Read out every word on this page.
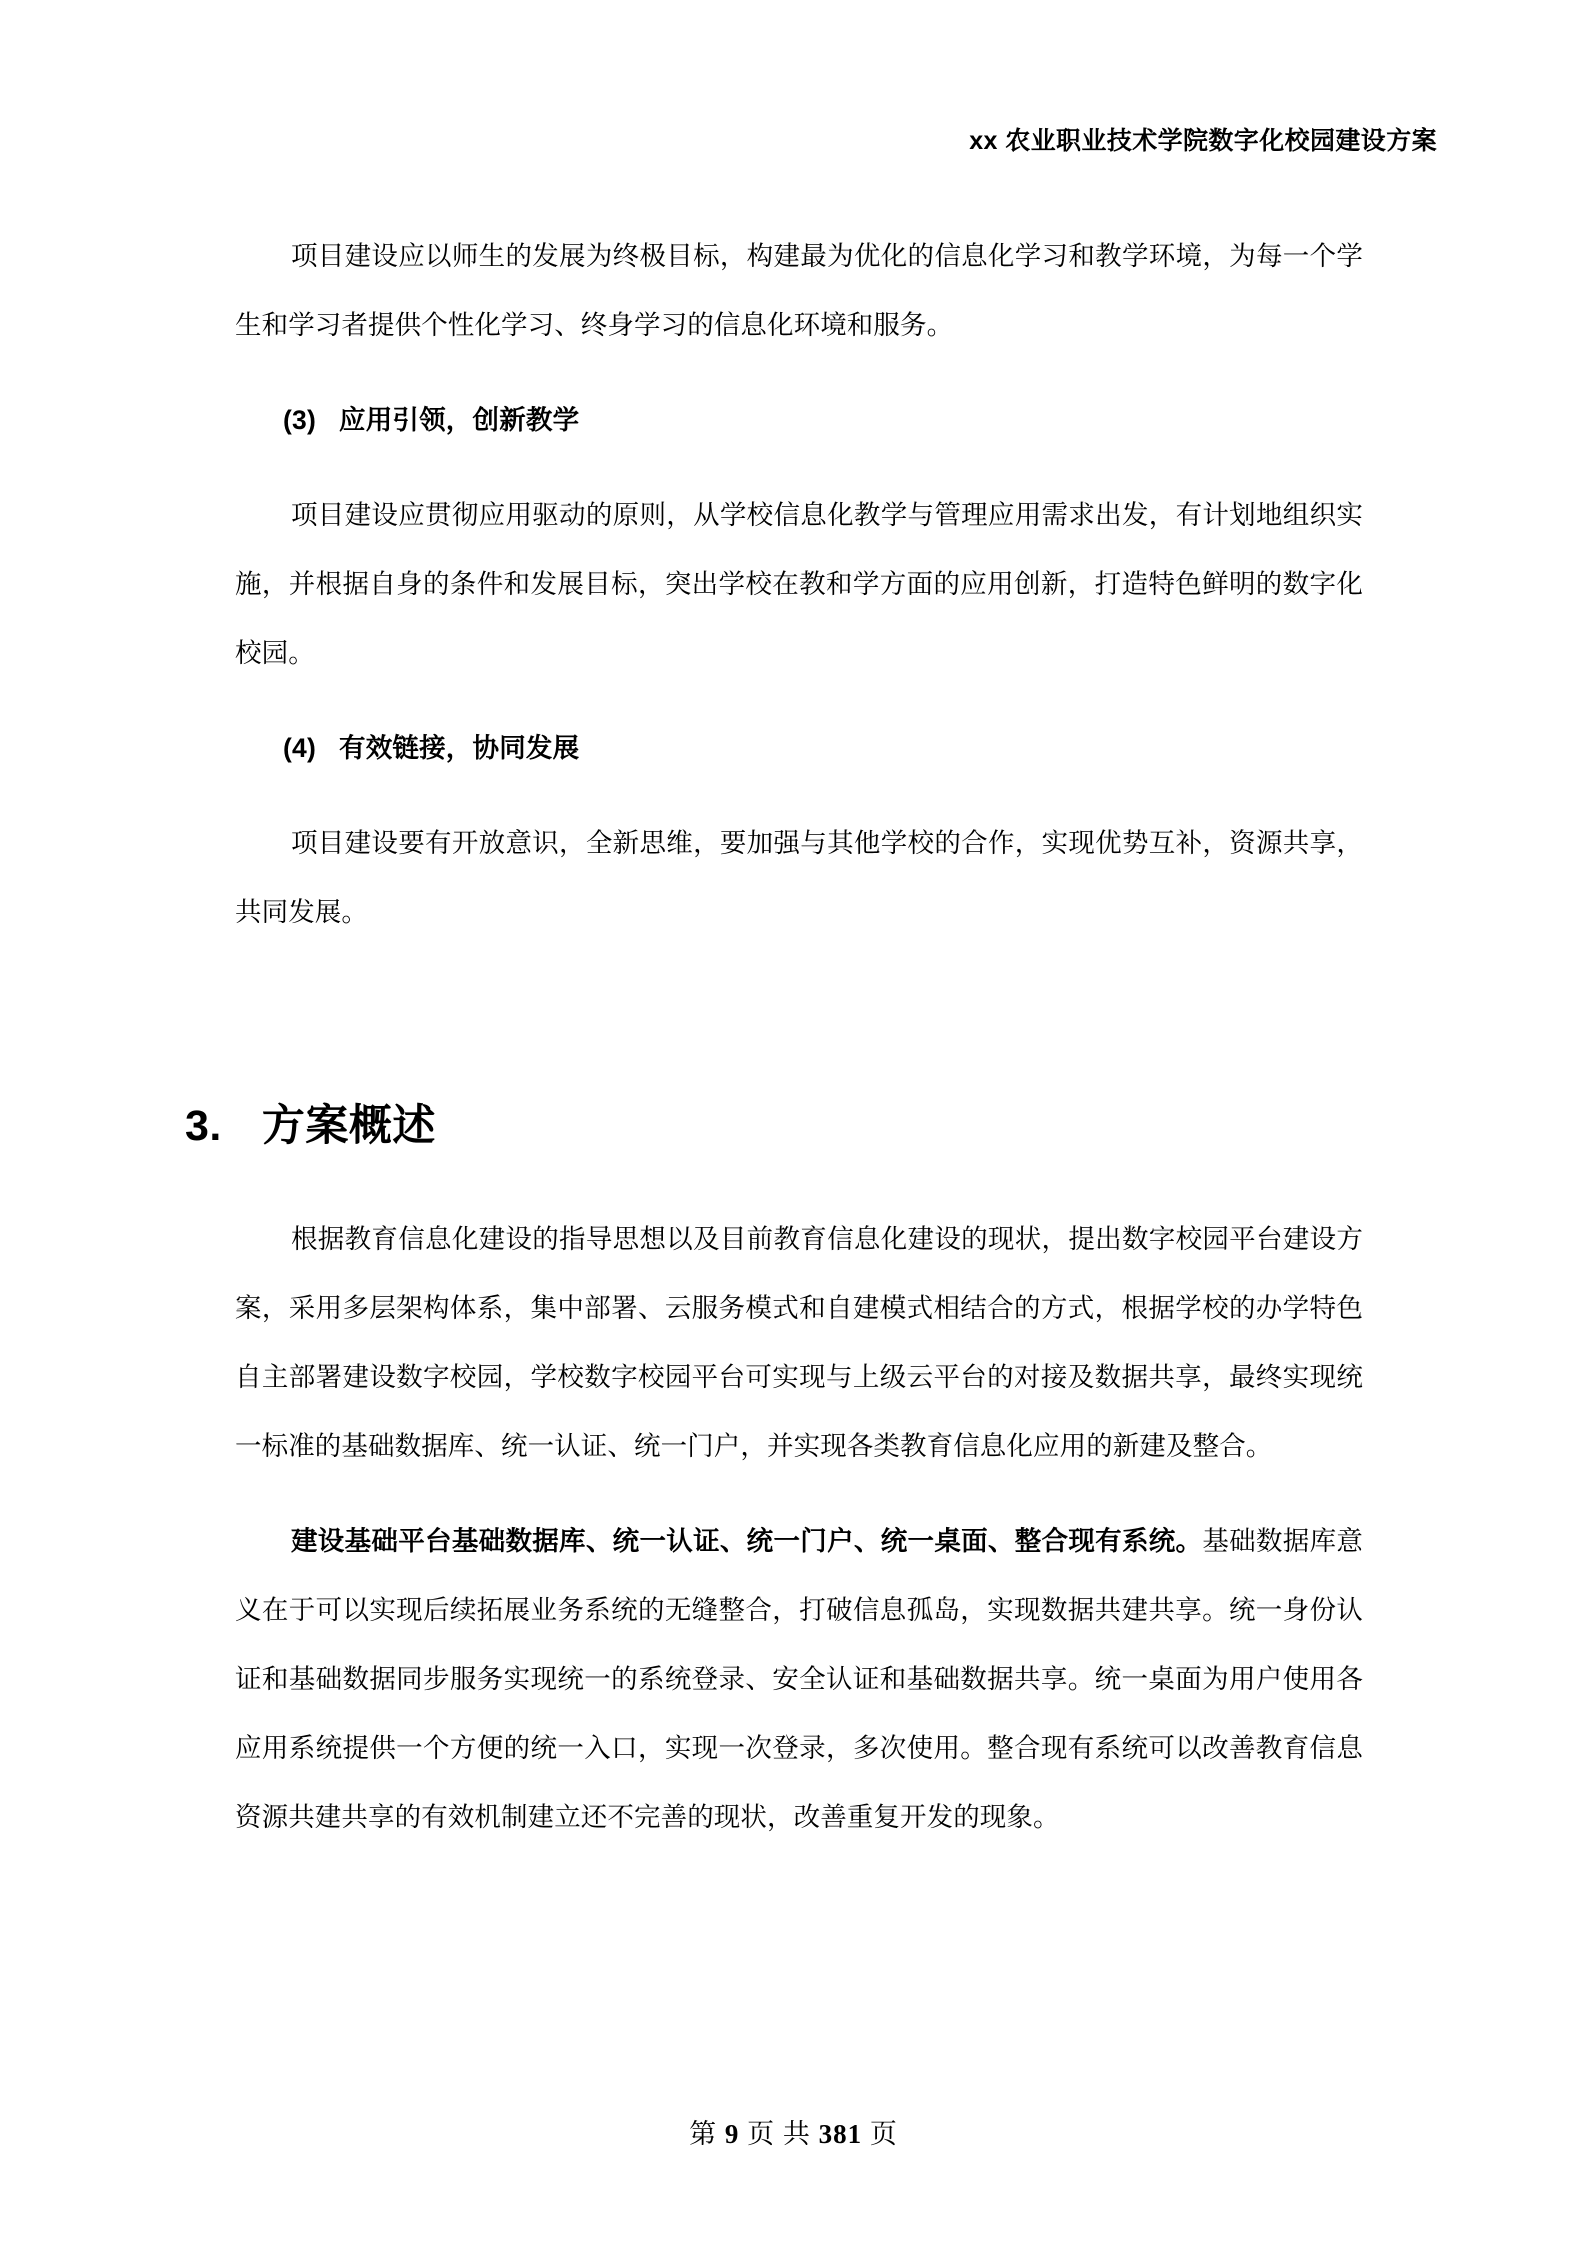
xx 农业职业技术学院数字化校园建设方案

项目建设应以师生的发展为终极目标，构建最为优化的信息化学习和教学环境，为每一个学生和学习者提供个性化学习、终身学习的信息化环境和服务。

(3) 应用引领，创新教学

项目建设应贯彻应用驱动的原则，从学校信息化教学与管理应用需求出发，有计划地组织实施，并根据自身的条件和发展目标，突出学校在教和学方面的应用创新，打造特色鲜明的数字化校园。

(4) 有效链接，协同发展

项目建设要有开放意识，全新思维，要加强与其他学校的合作，实现优势互补，资源共享，共同发展。

3. 方案概述

根据教育信息化建设的指导思想以及目前教育信息化建设的现状，提出数字校园平台建设方案，采用多层架构体系，集中部署、云服务模式和自建模式相结合的方式，根据学校的办学特色自主部署建设数字校园，学校数字校园平台可实现与上级云平台的对接及数据共享，最终实现统一标准的基础数据库、统一认证、统一门户，并实现各类教育信息化应用的新建及整合。

建设基础平台基础数据库、统一认证、统一门户、统一桌面、整合现有系统。基础数据库意义在于可以实现后续拓展业务系统的无缝整合，打破信息孤岛，实现数据共建共享。统一身份认证和基础数据同步服务实现统一的系统登录、安全认证和基础数据共享。统一桌面为用户使用各应用系统提供一个方便的统一入口，实现一次登录，多次使用。整合现有系统可以改善教育信息资源共建共享的有效机制建立还不完善的现状，改善重复开发的现象。

第 9 页 共 381 页
